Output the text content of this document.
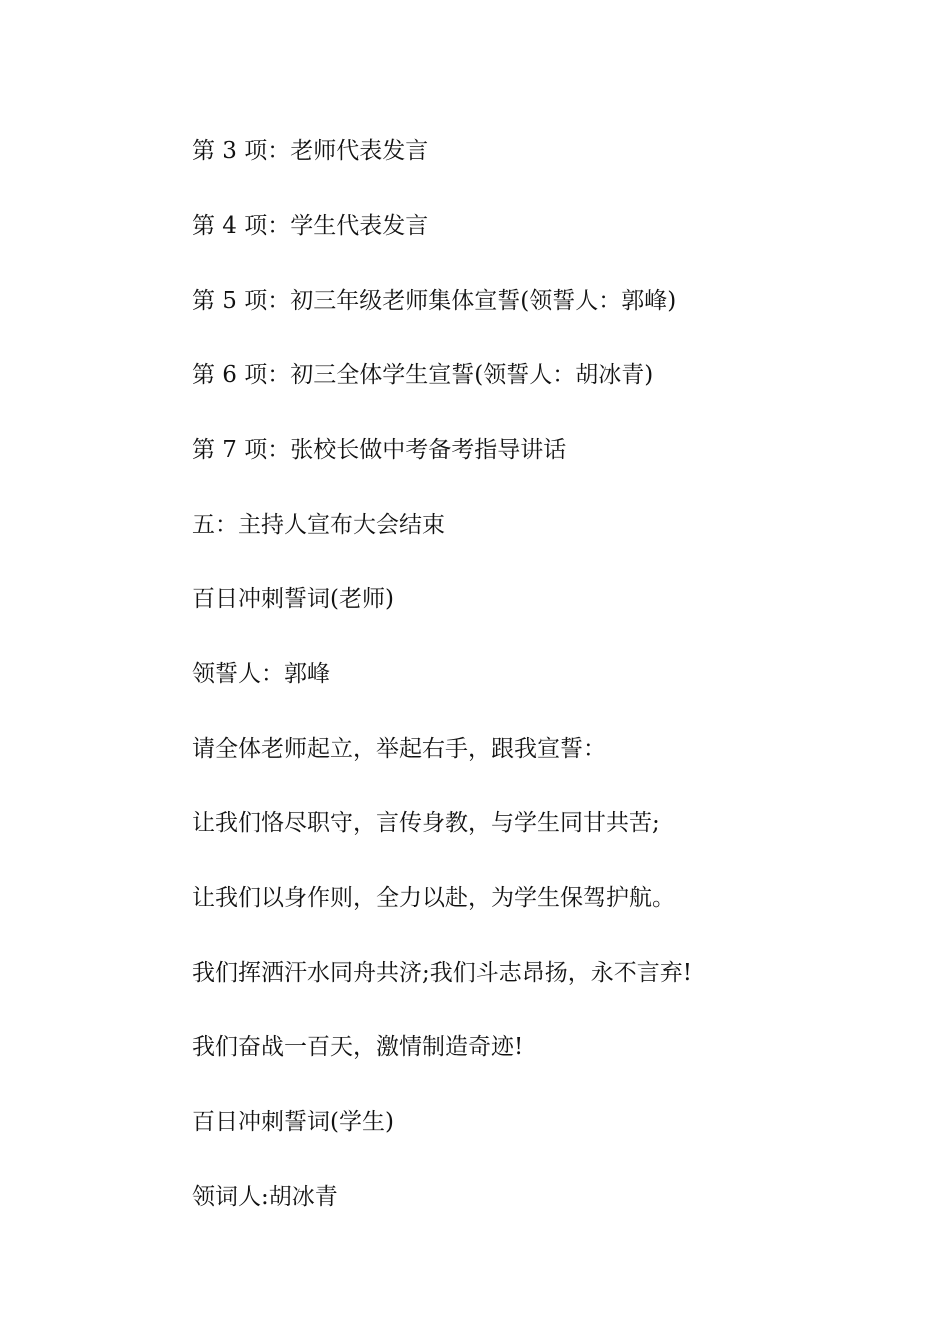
第 3 项：老师代表发言

第 4 项：学生代表发言

第 5 项：初三年级老师集体宣誓(领誓人：郭峰)

第 6 项：初三全体学生宣誓(领誓人：胡冰青)

第 7 项：张校长做中考备考指导讲话

五：主持人宣布大会结束

百日冲刺誓词(老师)

领誓人：郭峰

请全体老师起立，举起右手，跟我宣誓：

让我们恪尽职守，言传身教，与学生同甘共苦;

让我们以身作则，全力以赴，为学生保驾护航。

我们挥洒汗水同舟共济;我们斗志昂扬，永不言弃!

我们奋战一百天，激情制造奇迹!

百日冲刺誓词(学生)

领词人:胡冰青
